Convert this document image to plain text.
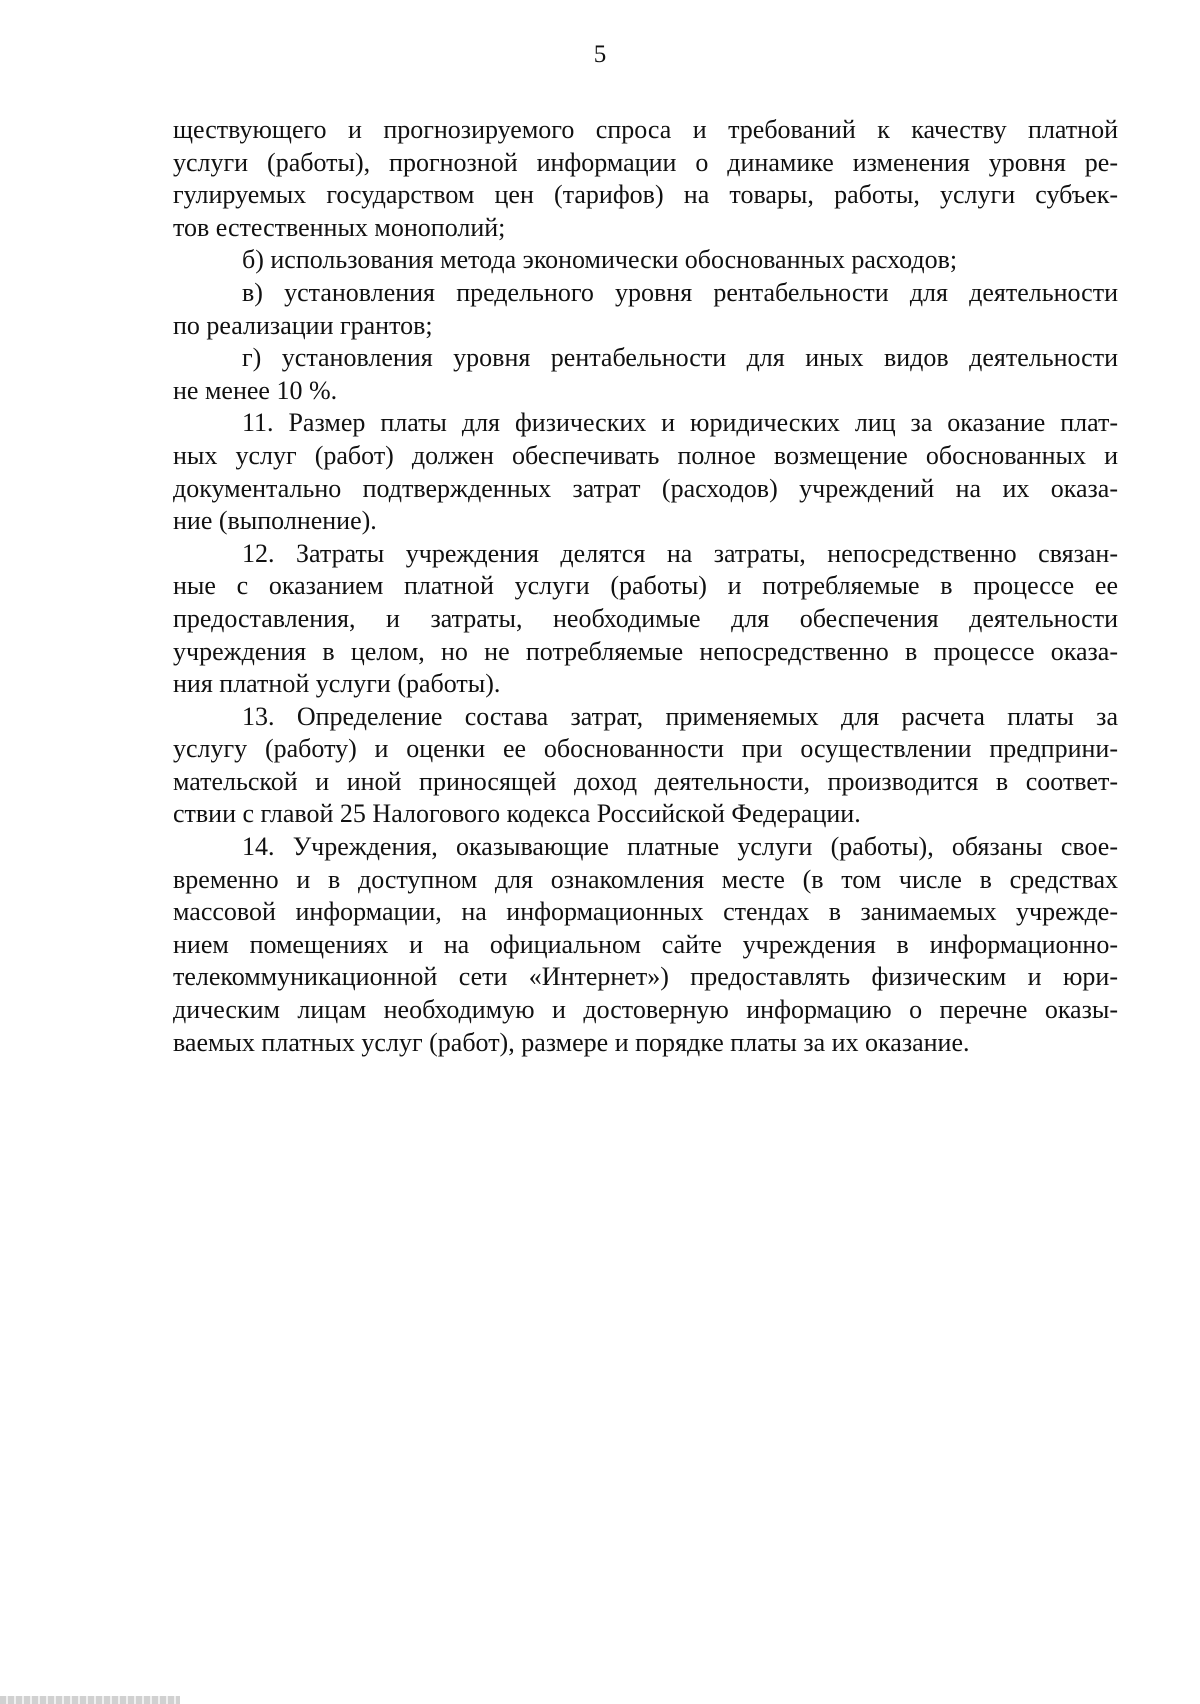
5

ществующего и прогнозируемого спроса и требований к качеству платной
услуги (работы), прогнозной информации о динамике изменения уровня ре-
гулируемых государством цен (тарифов) на товары, работы, услуги субъек-
тов естественных монополий;

б) использования метода экономически обоснованных расходов;

в) установления предельного уровня рентабельности для деятельности
по реализации грантов;

г) установления уровня рентабельности для иных видов деятельности
не менее 10 %.

11. Размер платы для физических и юридических лиц за оказание плат-
ных услуг (работ) должен обеспечивать полное возмещение обоснованных и
документально подтвержденных затрат (расходов) учреждений на их оказа-
ние (выполнение).

12. Затраты учреждения делятся на затраты, непосредственно связан-
ные с оказанием платной услуги (работы) и потребляемые в процессе ее
предоставления, и затраты, необходимые для обеспечения деятельности
учреждения в целом, но не потребляемые непосредственно в процессе оказа-
ния платной услуги (работы).

13. Определение состава затрат, применяемых для расчета платы за
услугу (работу) и оценки ее обоснованности при осуществлении предприни-
мательской и иной приносящей доход деятельности, производится в соответ-
ствии с главой 25 Налогового кодекса Российской Федерации.

14. Учреждения, оказывающие платные услуги (работы), обязаны свое-
временно и в доступном для ознакомления месте (в том числе в средствах
массовой информации, на информационных стендах в занимаемых учрежде-
нием помещениях и на официальном сайте учреждения в информационно-
телекоммуникационной сети «Интернет») предоставлять физическим и юри-
дическим лицам необходимую и достоверную информацию о перечне оказы-
ваемых платных услуг (работ), размере и порядке платы за их оказание.
